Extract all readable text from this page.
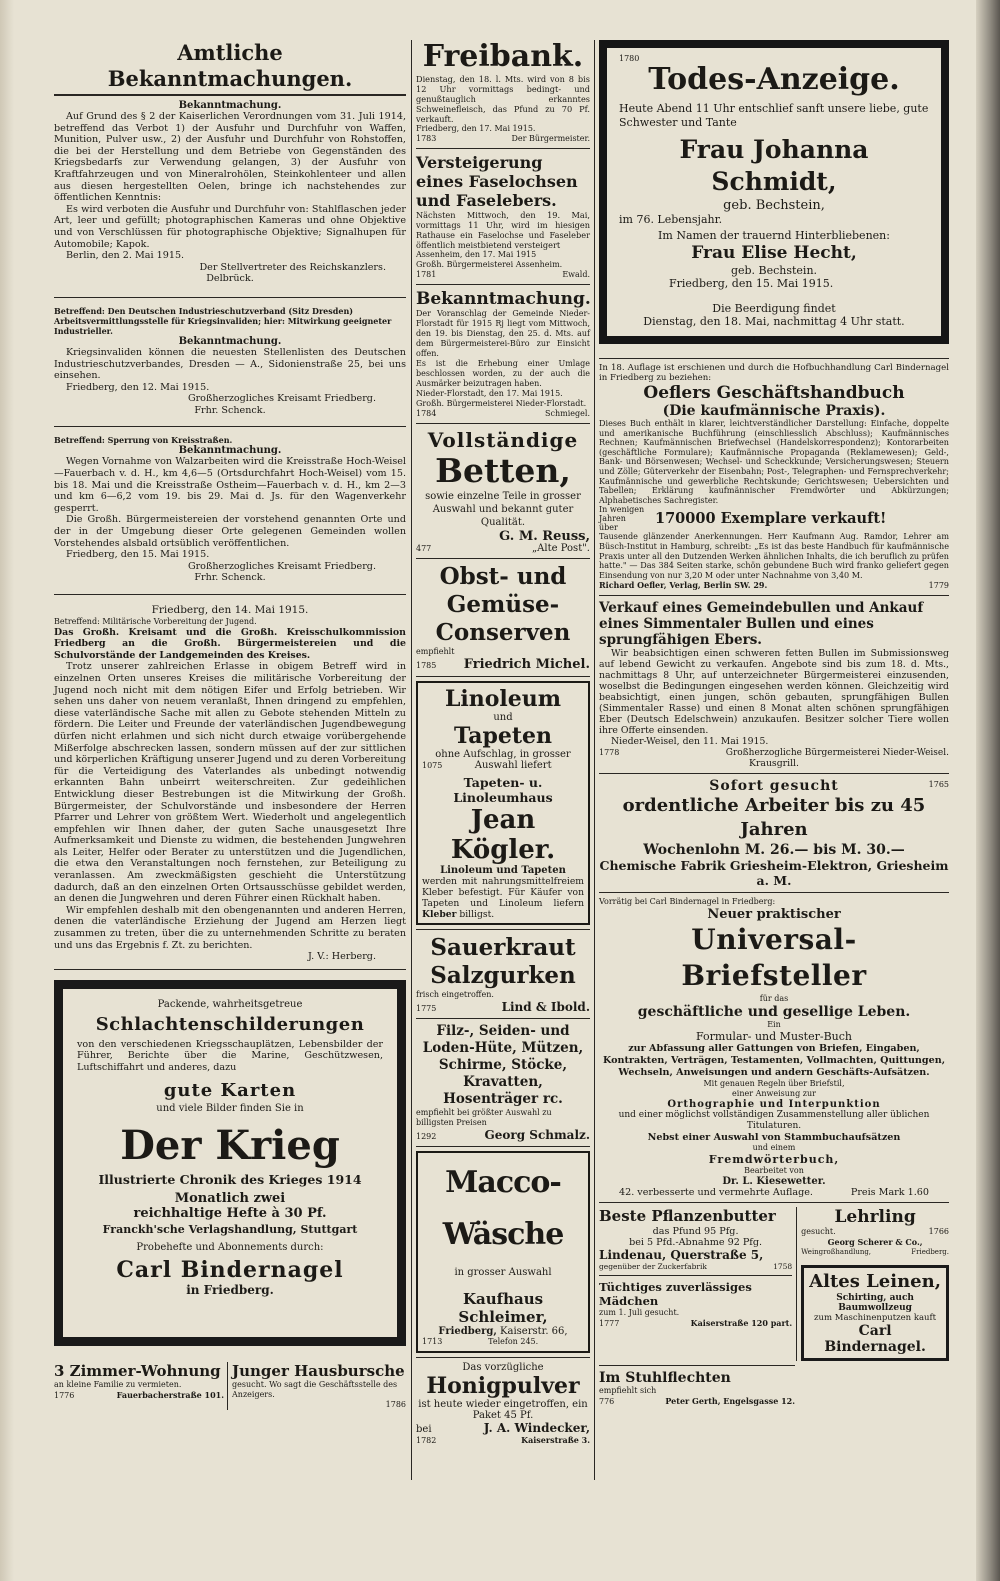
Amtliche Bekanntmachungen.

Bekanntmachung.

Auf Grund des § 2 der Kaiserlichen Verordnungen vom 31. Juli 1914, betreffend das Verbot 1) der Ausfuhr und Durchfuhr von Waffen, Munition, Pulver usw., 2) der Ausfuhr und Durchfuhr von Rohstoffen, die bei der Herstellung und dem Betriebe von Gegenständen des Kriegsbedarfs zur Verwendung gelangen, 3) der Ausfuhr von Kraftfahrzeugen und von Mineralrohölen, Steinkohlenteer und allen aus diesen hergestellten Oelen, bringe ich nachstehendes zur öffentlichen Kenntnis:

Es wird verboten die Ausfuhr und Durchfuhr von: Stahlflaschen jeder Art, leer und gefüllt; photographischen Kameras und ohne Objektive und von Verschlüssen für photographische Objektive; Signalhupen für Automobile; Kapok.

Berlin, den 2. Mai 1915.

Der Stellvertreter des Reichskanzlers.

Delbrück.

Betreffend: Den Deutschen Industrieschutzverband (Sitz Dresden) Arbeitsvermittlungsstelle für Kriegsinvaliden; hier: Mitwirkung geeigneter Industrieller.

Bekanntmachung.

Kriegsinvaliden können die neuesten Stellenlisten des Deutschen Industrieschutzverbandes, Dresden — A., Sidonienstraße 25, bei uns einsehen.

Friedberg, den 12. Mai 1915.

Großherzogliches Kreisamt Friedberg.

Frhr. Schenck.

Betreffend: Sperrung von Kreisstraßen.

Bekanntmachung.

Wegen Vornahme von Walzarbeiten wird die Kreisstraße Hoch-Weisel—Fauerbach v. d. H., km 4,6—5 (Ortsdurchfahrt Hoch-Weisel) vom 15. bis 18. Mai und die Kreisstraße Ostheim—Fauerbach v. d. H., km 2—3 und km 6—6,2 vom 19. bis 29. Mai d. Js. für den Wagenverkehr gesperrt.

Die Großh. Bürgermeistereien der vorstehend genannten Orte und der in der Umgebung dieser Orte gelegenen Gemeinden wollen Vorstehendes alsbald ortsüblich veröffentlichen.

Friedberg, den 15. Mai 1915.

Großherzogliches Kreisamt Friedberg.

Frhr. Schenck.

Friedberg, den 14. Mai 1915.

Betreffend: Militärische Vorbereitung der Jugend.

Das Großh. Kreisamt und die Großh. Kreisschulkommission Friedberg an die Großh. Bürgermeistereien und die Schulvorstände der Landgemeinden des Kreises.

Trotz unserer zahlreichen Erlasse in obigem Betreff wird in einzelnen Orten unseres Kreises die militärische Vorbereitung der Jugend noch nicht mit dem nötigen Eifer und Erfolg betrieben. Wir sehen uns daher von neuem veranlaßt, Ihnen dringend zu empfehlen, diese vaterländische Sache mit allen zu Gebote stehenden Mitteln zu fördern. Die Leiter und Freunde der vaterländischen Jugendbewegung dürfen nicht erlahmen und sich nicht durch etwaige vorübergehende Mißerfolge abschrecken lassen, sondern müssen auf der zur sittlichen und körperlichen Kräftigung unserer Jugend und zu deren Vorbereitung für die Verteidigung des Vaterlandes als unbedingt notwendig erkannten Bahn unbeirrt weiterschreiten. Zur gedeihlichen Entwicklung dieser Bestrebungen ist die Mitwirkung der Großh. Bürgermeister, der Schulvorstände und insbesondere der Herren Pfarrer und Lehrer von größtem Wert. Wiederholt und angelegentlich empfehlen wir Ihnen daher, der guten Sache unausgesetzt Ihre Aufmerksamkeit und Dienste zu widmen, die bestehenden Jungwehren als Leiter, Helfer oder Berater zu unterstützen und die Jugendlichen, die etwa den Veranstaltungen noch fernstehen, zur Beteiligung zu veranlassen. Am zweckmäßigsten geschieht die Unterstützung dadurch, daß an den einzelnen Orten Ortsausschüsse gebildet werden, an denen die Jungwehren und deren Führer einen Rückhalt haben.

Wir empfehlen deshalb mit den obengenannten und anderen Herren, denen die vaterländische Erziehung der Jugend am Herzen liegt zusammen zu treten, über die zu unternehmenden Schritte zu beraten und uns das Ergebnis f. Zt. zu berichten.

J. V.: Herberg.

Packende, wahrheitsgetreue

Schlachtenschilderungen

von den verschiedenen Kriegsschauplätzen, Lebensbilder der Führer, Berichte über die Marine, Geschützwesen, Luftschiffahrt und anderes, dazu

gute Karten

und viele Bilder finden Sie in

Der Krieg

Illustrierte Chronik des Krieges 1914

Monatlich zwei

reichhaltige Hefte à 30 Pf.

Franckh'sche Verlagshandlung, Stuttgart

Probehefte und Abonnements durch:

Carl Bindernagel

in Friedberg.

3 Zimmer-Wohnung

an kleine Familie zu vermieten.

1776	Fauerbacherstraße 101.

Junger Hausbursche

gesucht. Wo sagt die Geschäftsstelle des Anzeigers.

1786

Freibank.

Dienstag, den 18. l. Mts. wird von 8 bis 12 Uhr vormittags bedingt- und genußtauglich erkanntes Schweinefleisch, das Pfund zu 70 Pf. verkauft.

Friedberg, den 17. Mai 1915.

1783	Der Bürgermeister.

Versteigerung eines Faselochsen und Faselebers.

Nächsten Mittwoch, den 19. Mai, vormittags 11 Uhr, wird im hiesigen Rathause ein Faselochse und Faseleber öffentlich meistbietend versteigert

Assenheim, den 17. Mai 1915

Großh. Bürgermeisterei Assenheim.

1781	Ewald.

Bekanntmachung.

Der Voranschlag der Gemeinde Nieder-Florstadt für 1915 Rj liegt vom Mittwoch, den 19. bis Dienstag, den 25. d. Mts. auf dem Bürgermeisterei-Büro zur Einsicht offen.

Es ist die Erhebung einer Umlage beschlossen worden, zu der auch die Ausmärker beizutragen haben.

Nieder-Florstadt, den 17. Mai 1915.

Großh. Bürgermeisterei Nieder-Florstadt.

1784	Schmiegel.

Vollständige

Betten,

sowie einzelne Teile in grosser Auswahl und bekannt guter Qualität.

G. M. Reuss,

477	„Alte Post".

Obst- und Gemüse-Conserven

empfiehlt

1785 Friedrich Michel.

Linoleum

und

Tapeten

ohne Aufschlag, in grosser

1075	Auswahl liefert

Tapeten- u. Linoleumhaus

Jean Kögler.

Linoleum und Tapeten

werden mit nahrungsmittelfreiem Kleber befestigt. Für Käufer von Tapeten und Linoleum liefern Kleber billigst.

Sauerkraut

Salzgurken

frisch eingetroffen.

1775	Lind & Ibold.

Filz-, Seiden- und Loden-Hüte, Mützen, Schirme, Stöcke, Kravatten, Hosenträger rc.

empfiehlt bei größter Auswahl zu billigsten Preisen

1292	Georg Schmalz.

Macco-Wäsche

in grosser Auswahl

Kaufhaus Schleimer,

Friedberg, Kaiserstr. 66,

1713	Telefon 245.

Das vorzügliche

Honigpulver

ist heute wieder eingetroffen, ein Paket 45 Pf.

bei	J. A. Windecker,
1782	Kaiserstraße 3.

1780

Todes-Anzeige.

Heute Abend 11 Uhr entschlief sanft unsere liebe, gute Schwester und Tante

Frau Johanna Schmidt,

geb. Bechstein,

im 76. Lebensjahr.

Im Namen der trauernd Hinterbliebenen:

Frau Elise Hecht,

geb. Bechstein.

Friedberg, den 15. Mai 1915.

Die Beerdigung findet

Dienstag, den 18. Mai, nachmittag 4 Uhr statt.

In 18. Auflage ist erschienen und durch die Hofbuchhandlung Carl Bindernagel in Friedberg zu beziehen:

Oeflers Geschäftshandbuch

(Die kaufmännische Praxis).

Dieses Buch enthält in klarer, leichtverständlicher Darstellung: Einfache, doppelte und amerikanische Buchführung (einschliesslich Abschluss); Kaufmännisches Rechnen; Kaufmännischen Briefwechsel (Handelskorrespondenz); Kontorarbeiten (geschäftliche Formulare); Kaufmännische Propaganda (Reklamewesen); Geld-, Bank- und Börsenwesen; Wechsel- und Scheckkunde; Versicherungswesen; Steuern und Zölle; Güterverkehr der Eisenbahn; Post-, Telegraphen- und Fernsprechverkehr; Kaufmännische und gewerbliche Rechtskunde; Gerichtswesen; Uebersichten und Tabellen; Erklärung kaufmännischer Fremdwörter und Abkürzungen; Alphabetisches Sachregister.

In wenigen Jahren über
170000 Exemplare verkauft!

Tausende glänzender Anerkennungen. Herr Kaufmann Aug. Ramdor, Lehrer am Büsch-Institut in Hamburg, schreibt: „Es ist das beste Handbuch für kaufmännische Praxis unter all den Dutzenden Werken ähnlichen Inhalts, die ich beruflich zu prüfen hatte." — Das 384 Seiten starke, schön gebundene Buch wird franko geliefert gegen Einsendung von nur 3,20 M oder unter Nachnahme von 3,40 M.

Richard Oefler, Verlag, Berlin SW. 29.	1779

Verkauf eines Gemeindebullen und Ankauf eines Simmentaler Bullen und eines sprungfähigen Ebers.

Wir beabsichtigen einen schweren fetten Bullen im Submissionsweg auf lebend Gewicht zu verkaufen. Angebote sind bis zum 18. d. Mts., nachmittags 8 Uhr, auf unterzeichneter Bürgermeisterei einzusenden, woselbst die Bedingungen eingesehen werden können. Gleichzeitig wird beabsichtigt, einen jungen, schön gebauten, sprungfähigen Bullen (Simmentaler Rasse) und einen 8 Monat alten schönen sprungfähigen Eber (Deutsch Edelschwein) anzukaufen. Besitzer solcher Tiere wollen ihre Offerte einsenden.

Nieder-Weisel, den 11. Mai 1915.

1778	Großherzogliche Bürgermeisterei Nieder-Weisel.

Krausgrill.

Sofort gesucht	1765

ordentliche Arbeiter bis zu 45 Jahren

Wochenlohn M. 26.— bis M. 30.—

Chemische Fabrik Griesheim-Elektron, Griesheim a. M.

Vorrätig bei Carl Bindernagel in Friedberg:

Neuer praktischer

Universal-Briefsteller

für das

geschäftliche und gesellige Leben.

Ein

Formular- und Muster-Buch

zur Abfassung aller Gattungen von Briefen, Eingaben, Kontrakten, Verträgen, Testamenten, Vollmachten, Quittungen, Wechseln, Anweisungen und andern Geschäfts-Aufsätzen.

Mit genauen Regeln über Briefstil,

einer Anweisung zur

Orthographie und Interpunktion

und einer möglichst vollständigen Zusammenstellung aller üblichen Titulaturen.

Nebst einer Auswahl von Stammbuchaufsätzen

und einem

Fremdwörterbuch,

Bearbeitet von

Dr. L. Kiesewetter.

42. verbesserte und vermehrte Auflage.	Preis Mark 1.60

Beste Pflanzenbutter

das Pfund 95 Pfg.

bei 5 Pfd.-Abnahme 92 Pfg.

Lindenau, Querstraße 5,

gegenüber der Zuckerfabrik	1758

Tüchtiges zuverlässiges Mädchen

zum 1. Juli gesucht.

1777	Kaiserstraße 120 part.

Lehrling

gesucht.	1766

Georg Scherer & Co.,

Weingroßhandlung,	Friedberg.

Altes Leinen,

Schirting, auch Baumwollzeug

zum Maschinenputzen kauft

Carl Bindernagel.

Im Stuhlflechten

empfiehlt sich

776	Peter Gerth, Engelsgasse 12.
